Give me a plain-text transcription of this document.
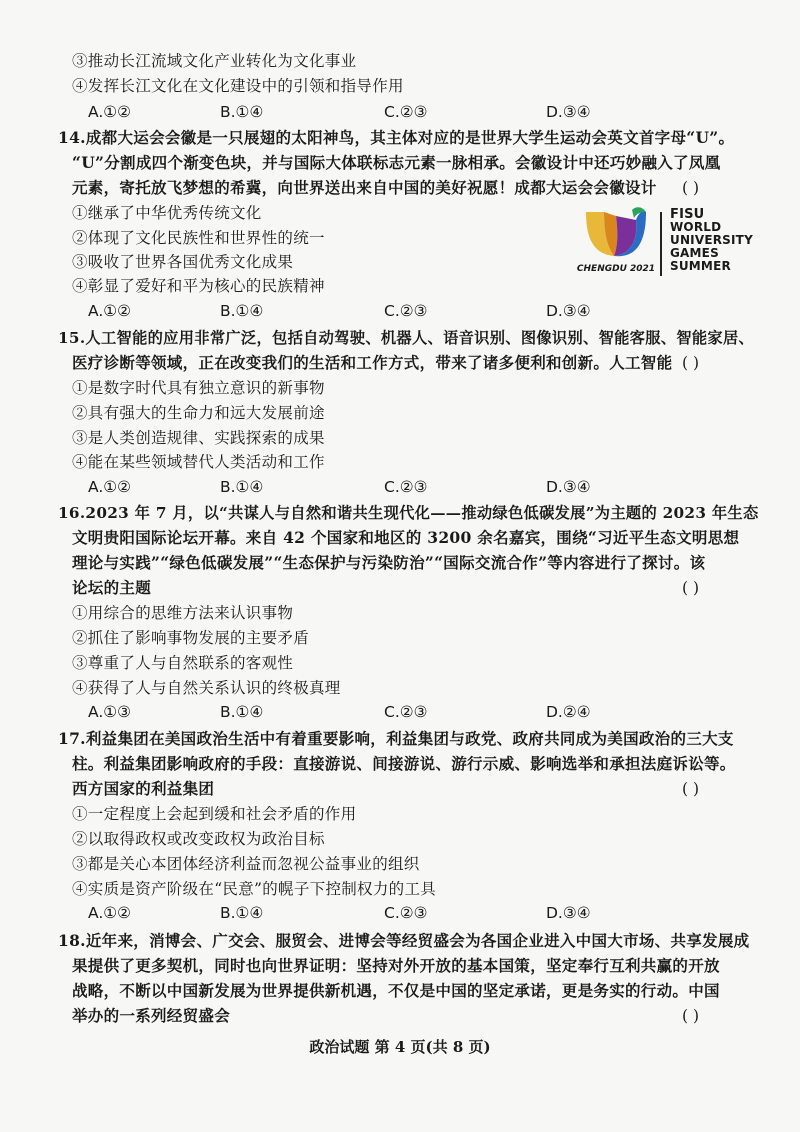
③推动长江流域文化产业转化为文化事业
④发挥长江文化在文化建设中的引领和指导作用
A.①②	B.①④	C.②③	D.③④
14.成都大运会会徽是一只展翅的太阳神鸟，其主体对应的是世界大学生运动会英文首字母“U”。
“U”分割成四个渐变色块，并与国际大体联标志元素一脉相承。会徽设计中还巧妙融入了凤凰
元素，寄托放飞梦想的希冀，向世界送出来自中国的美好祝愿！成都大运会会徽设计 ( )
①继承了中华优秀传统文化
②体现了文化民族性和世界性的统一
③吸收了世界各国优秀文化成果
④彰显了爱好和平为核心的民族精神
CHENGDU 2021
FISU
WORLD
UNIVERSITY
GAMES
SUMMER
A.①②	B.①④	C.②③	D.③④
15.人工智能的应用非常广泛，包括自动驾驶、机器人、语音识别、图像识别、智能客服、智能家居、
医疗诊断等领域，正在改变我们的生活和工作方式，带来了诸多便利和创新。人工智能 ( )
①是数字时代具有独立意识的新事物
②具有强大的生命力和远大发展前途
③是人类创造规律、实践探索的成果
④能在某些领域替代人类活动和工作
A.①②	B.①④	C.②③	D.③④
16.2023 年 7 月，以“共谋人与自然和谐共生现代化——推动绿色低碳发展”为主题的 2023 年生态
文明贵阳国际论坛开幕。来自 42 个国家和地区的 3200 余名嘉宾，围绕“习近平生态文明思想
理论与实践”“绿色低碳发展”“生态保护与污染防治”“国际交流合作”等内容进行了探讨。该
论坛的主题	( )
①用综合的思维方法来认识事物
②抓住了影响事物发展的主要矛盾
③尊重了人与自然联系的客观性
④获得了人与自然关系认识的终极真理
A.①③	B.①④	C.②③	D.②④
17.利益集团在美国政治生活中有着重要影响，利益集团与政党、政府共同成为美国政治的三大支
柱。利益集团影响政府的手段：直接游说、间接游说、游行示威、影响选举和承担法庭诉讼等。
西方国家的利益集团	( )
①一定程度上会起到缓和社会矛盾的作用
②以取得政权或改变政权为政治目标
③都是关心本团体经济利益而忽视公益事业的组织
④实质是资产阶级在“民意”的幌子下控制权力的工具
A.①②	B.①④	C.②③	D.③④
18.近年来，消博会、广交会、服贸会、进博会等经贸盛会为各国企业进入中国大市场、共享发展成
果提供了更多契机，同时也向世界证明：坚持对外开放的基本国策，坚定奉行互利共赢的开放
战略，不断以中国新发展为世界提供新机遇，不仅是中国的坚定承诺，更是务实的行动。中国
举办的一系列经贸盛会	( )
政治试题 第 4 页(共 8 页)
